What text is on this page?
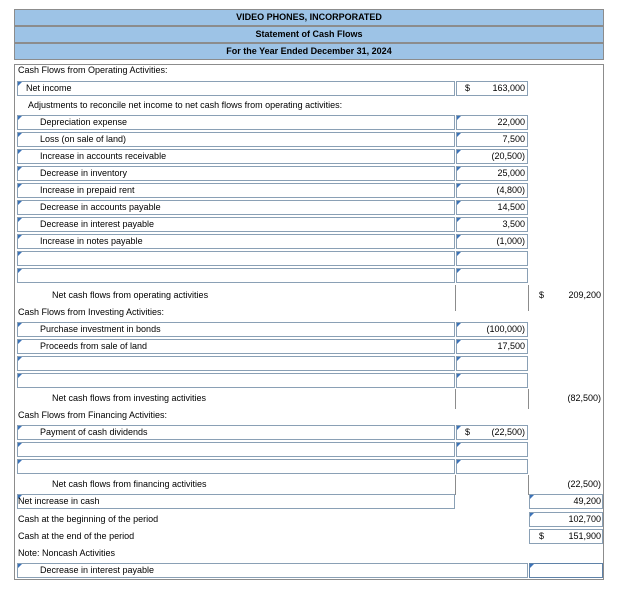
VIDEO PHONES, INCORPORATED
Statement of Cash Flows
For the Year Ended December 31, 2024
Cash Flows from Operating Activities:
Net income	$	163,000
Adjustments to reconcile net income to net cash flows from operating activities:
Depreciation expense	22,000
Loss (on sale of land)	7,500
Increase in accounts receivable	(20,500)
Decrease in inventory	25,000
Increase in prepaid rent	(4,800)
Decrease in accounts payable	14,500
Decrease in interest payable	3,500
Increase in notes payable	(1,000)
Net cash flows from operating activities	$	209,200
Cash Flows from Investing Activities:
Purchase investment in bonds	(100,000)
Proceeds from sale of land	17,500
Net cash flows from investing activities	(82,500)
Cash Flows from Financing Activities:
Payment of cash dividends	$	(22,500)
Net cash flows from financing activities	(22,500)
Net increase in cash	49,200
Cash at the beginning of the period	102,700
Cash at the end of the period	$	151,900
Note: Noncash Activities
Decrease in interest payable
